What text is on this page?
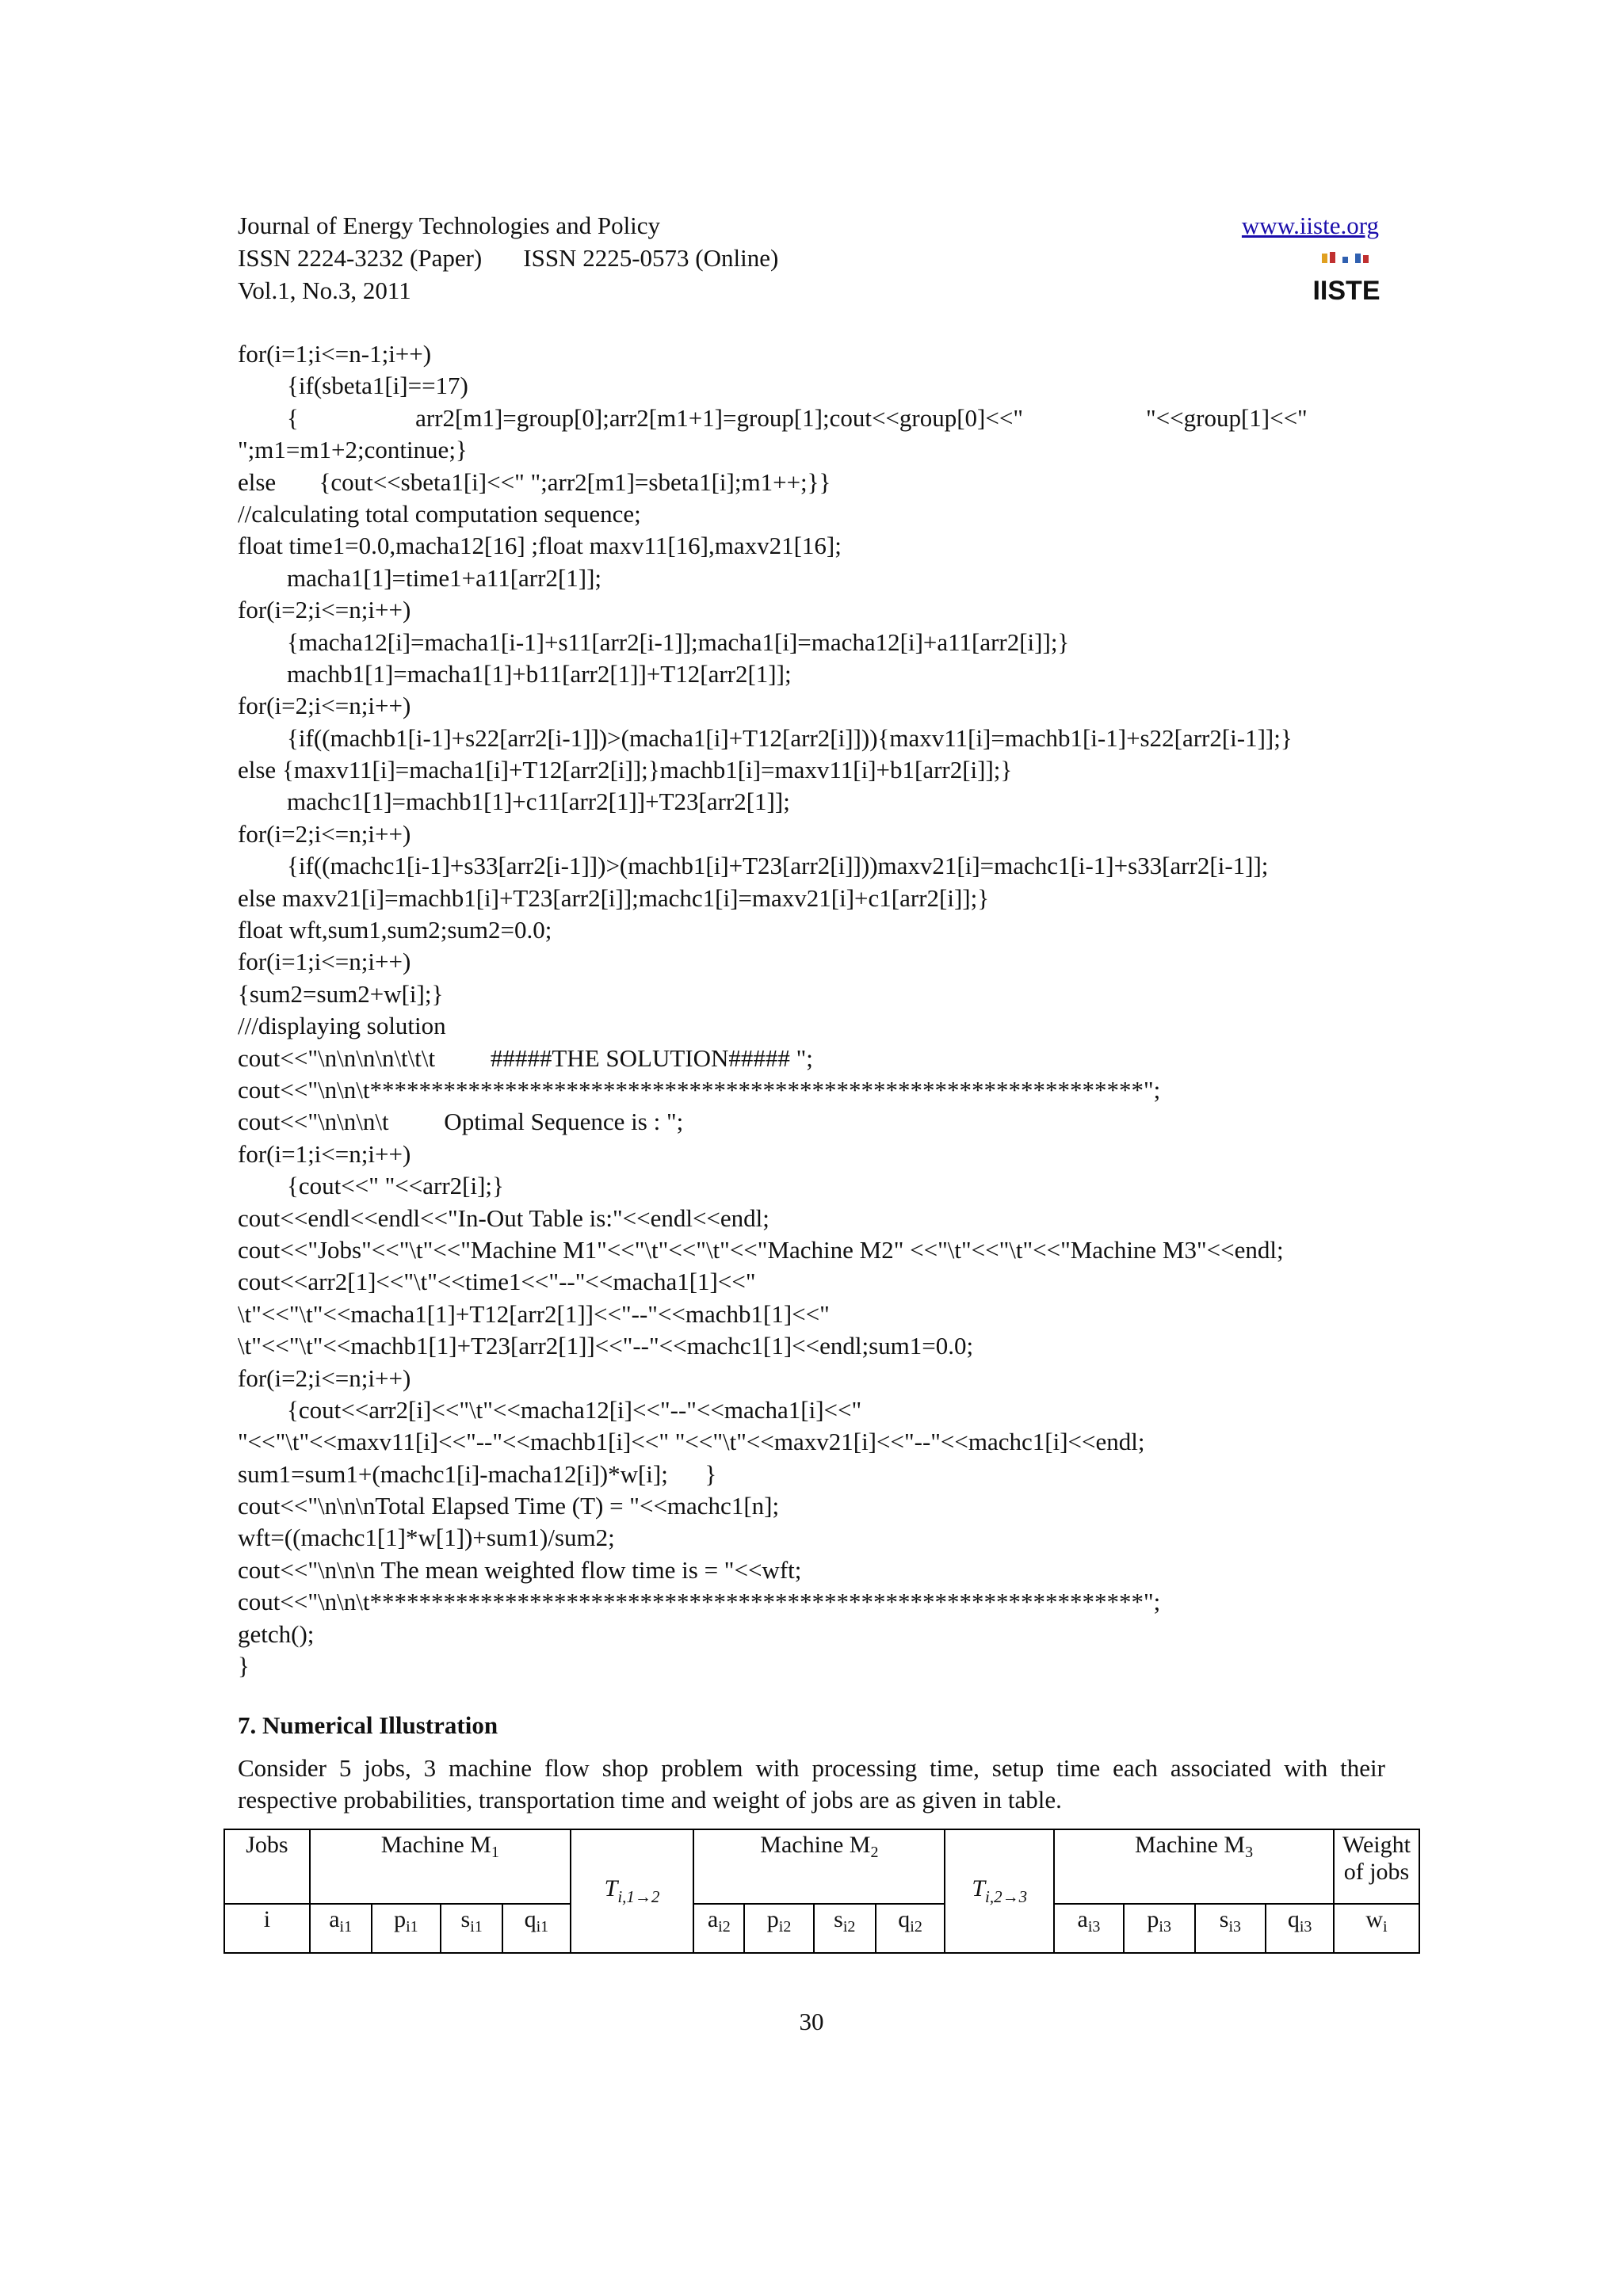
Journal of Energy Technologies and Policy
ISSN 2224-3232 (Paper) ISSN 2225-0573 (Online)
Vol.1, No.3, 2011
www.iiste.org
IISTE
for(i=1;i<=n-1;i++)
{if(sbeta1[i]==17)
{                   arr2[m1]=group[0];arr2[m1+1]=group[1];cout<<group[0]<<"                    "<<group[1]<<"
";m1=m1+2;continue;}
else       {cout<<sbeta1[i]<<" ";arr2[m1]=sbeta1[i];m1++;}}
//calculating total computation sequence;
float time1=0.0,macha12[16] ;float maxv11[16],maxv21[16];
macha1[1]=time1+a11[arr2[1]];
for(i=2;i<=n;i++)
{macha12[i]=macha1[i-1]+s11[arr2[i-1]];macha1[i]=macha12[i]+a11[arr2[i]];}
machb1[1]=macha1[1]+b11[arr2[1]]+T12[arr2[1]];
for(i=2;i<=n;i++)
{if((machb1[i-1]+s22[arr2[i-1]])>(macha1[i]+T12[arr2[i]])){maxv11[i]=machb1[i-1]+s22[arr2[i-1]];}
else {maxv11[i]=macha1[i]+T12[arr2[i]];}machb1[i]=maxv11[i]+b1[arr2[i]];}
machc1[1]=machb1[1]+c11[arr2[1]]+T23[arr2[1]];
for(i=2;i<=n;i++)
{if((machc1[i-1]+s33[arr2[i-1]])>(machb1[i]+T23[arr2[i]]))maxv21[i]=machc1[i-1]+s33[arr2[i-1]];
else maxv21[i]=machb1[i]+T23[arr2[i]];machc1[i]=maxv21[i]+c1[arr2[i]];}
float wft,sum1,sum2;sum2=0.0;
for(i=1;i<=n;i++)
{sum2=sum2+w[i];}
///displaying solution
cout<<"\n\n\n\n\t\t\t         #####THE SOLUTION##### ";
cout<<"\n\n\t***************************************************************";
cout<<"\n\n\n\t         Optimal Sequence is : ";
for(i=1;i<=n;i++)
{cout<<" "<<arr2[i];}
cout<<endl<<endl<<"In-Out Table is:"<<endl<<endl;
cout<<"Jobs"<<"\t"<<"Machine M1"<<"\t"<<"\t"<<"Machine M2" <<"\t"<<"\t"<<"Machine M3"<<endl;
cout<<arr2[1]<<"\t"<<time1<<"--"<<macha1[1]<<"
\t"<<"\t"<<macha1[1]+T12[arr2[1]]<<"--"<<machb1[1]<<"
\t"<<"\t"<<machb1[1]+T23[arr2[1]]<<"--"<<machc1[1]<<endl;sum1=0.0;
for(i=2;i<=n;i++)
{cout<<arr2[i]<<"\t"<<macha12[i]<<"--"<<macha1[i]<<"
"<<"\t"<<maxv11[i]<<"--"<<machb1[i]<<" "<<"\t"<<maxv21[i]<<"--"<<machc1[i]<<endl;
sum1=sum1+(machc1[i]-macha12[i])*w[i];      }
cout<<"\n\n\nTotal Elapsed Time (T) = "<<machc1[n];
wft=((machc1[1]*w[1])+sum1)/sum2;
cout<<"\n\n\n The mean weighted flow time is = "<<wft;
cout<<"\n\n\t***************************************************************";
getch();
}
7. Numerical Illustration
Consider 5 jobs, 3 machine flow shop problem with processing time, setup time each associated with their respective probabilities, transportation time and weight of jobs are as given in table.
Jobs	Machine $M_1$				$T_{i,1\to 2}$	Machine $M_2$				$T_{i,2\to 3}$	Machine $M_3$				Weight of jobs
i	$a_{i1}$	$p_{i1}$	$s_{i1}$	$q_{i1}$		$a_{i2}$	$p_{i2}$	$s_{i2}$	$q_{i2}$		$a_{i3}$	$p_{i3}$	$s_{i3}$	$q_{i3}$	$w_i$
30
